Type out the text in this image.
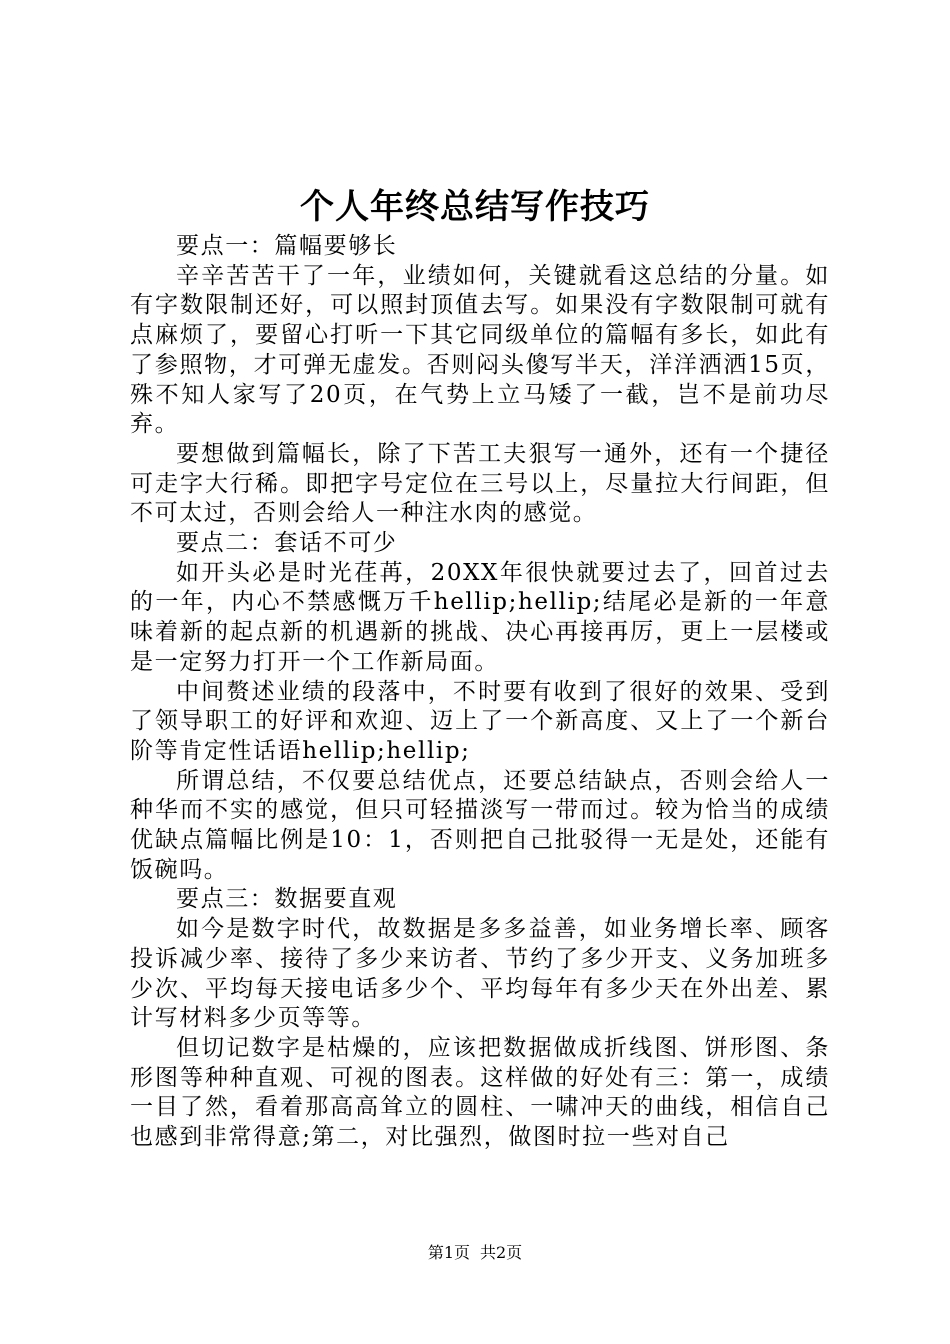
个人年终总结写作技巧

要点一：篇幅要够长

辛辛苦苦干了一年，业绩如何，关键就看这总结的分量。如有字数限制还好，可以照封顶值去写。如果没有字数限制可就有点麻烦了，要留心打听一下其它同级单位的篇幅有多长，如此有了参照物，才可弹无虚发。否则闷头傻写半天，洋洋洒洒15页，殊不知人家写了20页，在气势上立马矮了一截，岂不是前功尽弃。

要想做到篇幅长，除了下苦工夫狠写一通外，还有一个捷径可走字大行稀。即把字号定位在三号以上，尽量拉大行间距，但不可太过，否则会给人一种注水肉的感觉。

要点二：套话不可少

如开头必是时光荏苒，20XX年很快就要过去了，回首过去的一年，内心不禁感慨万千hellip;hellip;结尾必是新的一年意味着新的起点新的机遇新的挑战、决心再接再厉，更上一层楼或是一定努力打开一个工作新局面。

中间赘述业绩的段落中，不时要有收到了很好的效果、受到了领导职工的好评和欢迎、迈上了一个新高度、又上了一个新台阶等肯定性话语hellip;hellip;

所谓总结，不仅要总结优点，还要总结缺点，否则会给人一种华而不实的感觉，但只可轻描淡写一带而过。较为恰当的成绩优缺点篇幅比例是10：1，否则把自己批驳得一无是处，还能有饭碗吗。

要点三：数据要直观

如今是数字时代，故数据是多多益善，如业务增长率、顾客投诉减少率、接待了多少来访者、节约了多少开支、义务加班多少次、平均每天接电话多少个、平均每年有多少天在外出差、累计写材料多少页等等。

但切记数字是枯燥的，应该把数据做成折线图、饼形图、条形图等种种直观、可视的图表。这样做的好处有三：第一，成绩一目了然，看着那高高耸立的圆柱、一啸冲天的曲线，相信自己也感到非常得意;第二，对比强烈，做图时拉一些对自己

第1页 共2页
